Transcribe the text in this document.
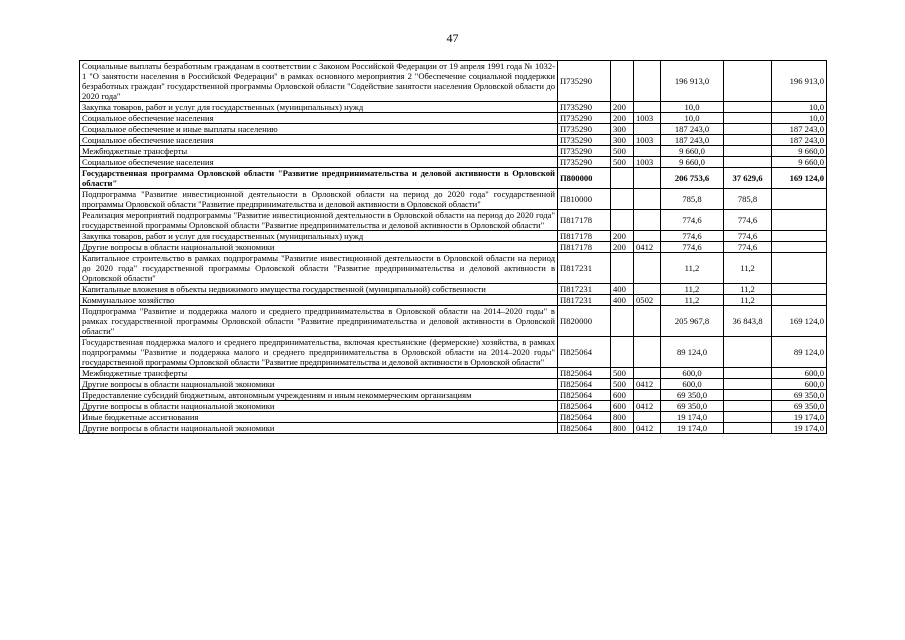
47
Социальные выплаты безработным гражданам в соответствии с Законом Российской Федерации от 19 апреля 1991 года № 1032-1 "О занятости населения в Российской Федерации" в рамках основного мероприятия 2 "Обеспечение социальной поддержки безработных граждан" государственной программы Орловской области "Содействие занятости населения Орловской области до 2020 года"	П735290			196 913,0		196 913,0
Закупка товаров, работ и услуг для государственных (муниципальных) нужд	П735290	200		10,0		10,0
Социальное обеспечение населения	П735290	200	1003	10,0		10,0
Социальное обеспечение и иные выплаты населению	П735290	300		187 243,0		187 243,0
Социальное обеспечение населения	П735290	300	1003	187 243,0		187 243,0
Межбюджетные трансферты	П735290	500		9 660,0		9 660,0
Социальное обеспечение населения	П735290	500	1003	9 660,0		9 660,0
Государственная программа Орловской области "Развитие предпринимательства и деловой активности в Орловской области"	П800000			206 753,6	37 629,6	169 124,0
Подпрограмма "Развитие инвестиционной деятельности в Орловской области на период до 2020 года" государственной программы Орловской области "Развитие предпринимательства и деловой активности в Орловской области"	П810000			785,8	785,8	
Реализация мероприятий подпрограммы "Развитие инвестиционной деятельности в Орловской области на период до 2020 года" государственной программы Орловской области "Развитие предпринимательства и деловой активности в Орловской области"	П817178			774,6	774,6	
Закупка товаров, работ и услуг для государственных (муниципальных) нужд	П817178	200		774,6	774,6	
Другие вопросы в области национальной экономики	П817178	200	0412	774,6	774,6	
Капитальное строительство в рамках подпрограммы "Развитие инвестиционной деятельности в Орловской области на период до 2020 года" государственной программы Орловской области "Развитие предпринимательства и деловой активности в Орловской области"	П817231			11,2	11,2	
Капитальные вложения в объекты недвижимого имущества государственной (муниципальной) собственности	П817231	400		11,2	11,2	
Коммунальное хозяйство	П817231	400	0502	11,2	11,2	
Подпрограмма "Развитие и поддержка малого и среднего предпринимательства в Орловской области на 2014–2020 годы" в рамках государственной программы Орловской области "Развитие предпринимательства и деловой активности в Орловской области"	П820000			205 967,8	36 843,8	169 124,0
Государственная поддержка малого и среднего предпринимательства, включая крестьянские (фермерские) хозяйства, в рамках подпрограммы "Развитие и поддержка малого и среднего предпринимательства в Орловской области на 2014–2020 годы" государственной программы Орловской области "Развитие предпринимательства и деловой активности в Орловской области"	П825064			89 124,0		89 124,0
Межбюджетные трансферты	П825064	500		600,0		600,0
Другие вопросы в области национальной экономики	П825064	500	0412	600,0		600,0
Предоставление субсидий бюджетным, автономным учреждениям и иным некоммерческим организациям	П825064	600		69 350,0		69 350,0
Другие вопросы в области национальной экономики	П825064	600	0412	69 350,0		69 350,0
Иные бюджетные ассигнования	П825064	800		19 174,0		19 174,0
Другие вопросы в области национальной экономики	П825064	800	0412	19 174,0		19 174,0
